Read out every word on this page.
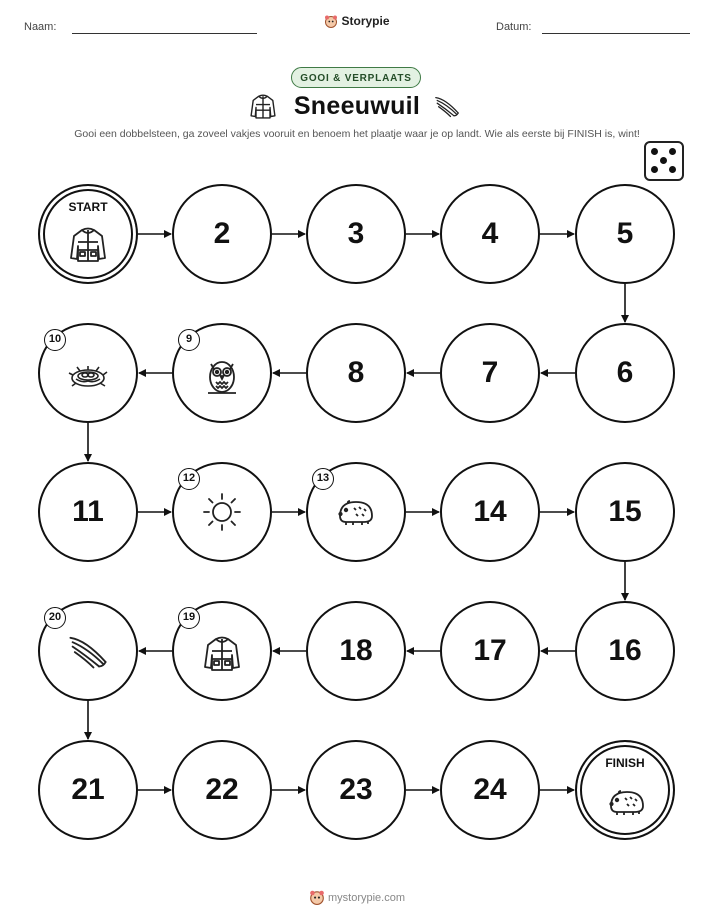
Naam:	Storypie	Datum:
GOOI & VERPLAATS
Sneeuwuil
Gooi een dobbelsteen, ga zoveel vakjes vooruit en benoem het plaatje waar je op landt. Wie als eerste bij FINISH is, wint!
START
2	3	4	5
6
7
8
9
10
11
12	13
14	15
16
17
18
19
20
21	22	23	24
FINISH
mystorypie.com
